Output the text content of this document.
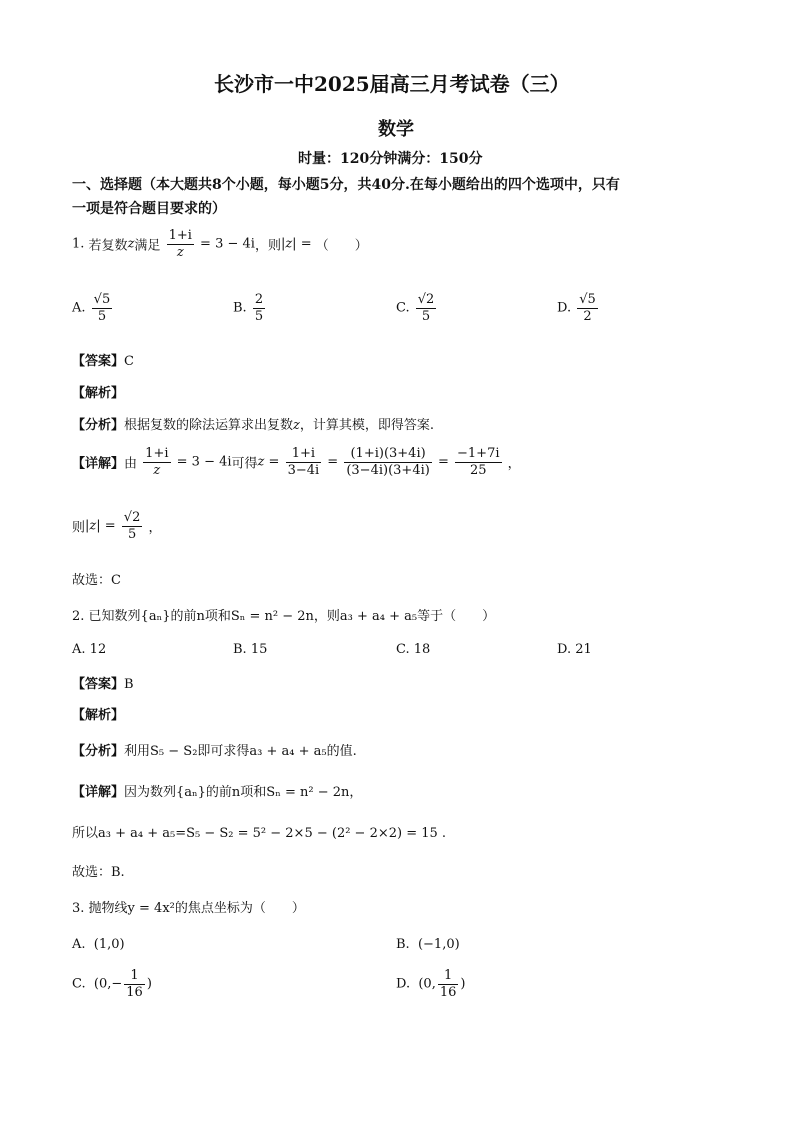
长沙市一中2025届高三月考试卷（三）
数学
时量：120分钟满分：150分
一、选择题（本大题共8个小题，每小题5分，共40分.在每小题给出的四个选项中，只有
一项是符合题目要求的）
1. 若复数z满足 $\frac{1+i}{z} = 3 - 4i$，则|z| = （　　）
A. $\frac{√5}{5}$	B. $\frac{2}{5}$	C. $\frac{√2}{5}$	D. $\frac{√5}{2}$
【答案】C
【解析】
【分析】根据复数的除法运算求出复数z，计算其模，即得答案.
【详解】由 $\frac{1+i}{z} = 3 - 4i$可得$z = \frac{1+i}{3-4i} = \frac{(1+i)(3+4i)}{(3-4i)(3+4i)} = \frac{-1+7i}{25}$ ，
则$|z| = \frac{√2}{5}$ ，
故选：C
2. 已知数列{aₙ}的前n项和Sₙ = n² − 2n，则a₃ + a₄ + a₅等于（　　）
A. 12	B. 15	C. 18	D. 21
【答案】B
【解析】
【分析】利用S₅ − S₂即可求得a₃ + a₄ + a₅的值.
【详解】因为数列{aₙ}的前n项和Sₙ = n² − 2n，
所以a₃ + a₄ + a₅=S₅ − S₂ = 5² − 2×5 − (2² − 2×2) = 15 .
故选：B.
3. 抛物线y = 4x²的焦点坐标为（　　）
A. (1,0)	B. (−1,0)
C. ($0,- \frac{1}{16}$ )	D. (0, $\frac{1}{16}$ )
